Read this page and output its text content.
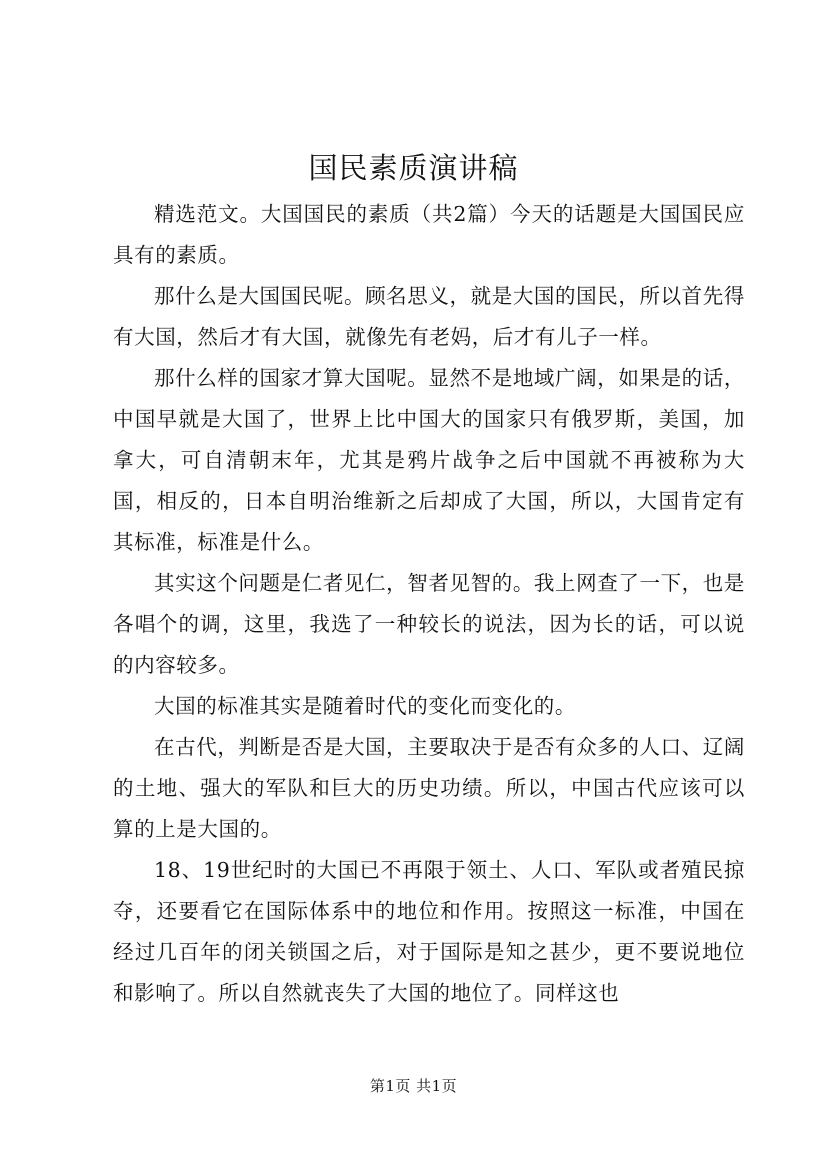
国民素质演讲稿

精选范文。大国国民的素质（共2篇）今天的话题是大国国民应具有的素质。

那什么是大国国民呢。顾名思义，就是大国的国民，所以首先得有大国，然后才有大国，就像先有老妈，后才有儿子一样。

那什么样的国家才算大国呢。显然不是地域广阔，如果是的话，中国早就是大国了，世界上比中国大的国家只有俄罗斯，美国，加拿大，可自清朝末年，尤其是鸦片战争之后中国就不再被称为大国，相反的，日本自明治维新之后却成了大国，所以，大国肯定有其标准，标准是什么。

其实这个问题是仁者见仁，智者见智的。我上网查了一下，也是各唱个的调，这里，我选了一种较长的说法，因为长的话，可以说的内容较多。

大国的标准其实是随着时代的变化而变化的。

在古代，判断是否是大国，主要取决于是否有众多的人口、辽阔的土地、强大的军队和巨大的历史功绩。所以，中国古代应该可以算的上是大国的。

18、19世纪时的大国已不再限于领土、人口、军队或者殖民掠夺，还要看它在国际体系中的地位和作用。按照这一标准，中国在经过几百年的闭关锁国之后，对于国际是知之甚少，更不要说地位和影响了。所以自然就丧失了大国的地位了。同样这也

第1页 共1页
